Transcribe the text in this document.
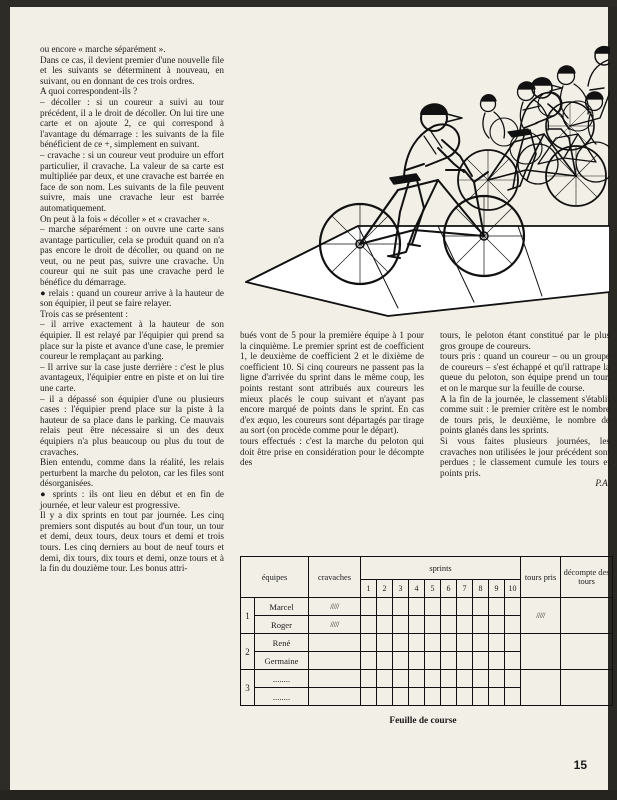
ou encore « marche séparément ».

Dans ce cas, il devient premier d'une nouvelle file et les suivants se déterminent à nouveau, en suivant, ou en donnant de ces trois ordres.

A quoi correspondent-ils ?

– décoller : si un coureur a suivi au tour précédent, il a le droit de décoller. On lui tire une carte et on ajoute 2, ce qui correspond à l'avantage du démarrage : les suivants de la file bénéficient de ce +, simplement en suivant.

– cravache : si un coureur veut produire un effort particulier, il cravache. La valeur de sa carte est multipliée par deux, et une cravache est barrée en face de son nom. Les suivants de la file peuvent suivre, mais une cravache leur est barrée automatiquement.

On peut à la fois « décoller » et « cravacher ».

– marche séparément : on ouvre une carte sans avantage particulier, cela se produit quand on n'a pas encore le droit de décoller, ou quand on ne veut, ou ne peut pas, suivre une cravache. Un coureur qui ne suit pas une cravache perd le bénéfice du démarrage.

● relais : quand un coureur arrive à la hauteur de son équipier, il peut se faire relayer.

Trois cas se présentent :

– il arrive exactement à la hauteur de son équipier. Il est relayé par l'équipier qui prend sa place sur la piste et avance d'une case, le premier coureur le remplaçant au parking.

– Il arrive sur la case juste derrière : c'est le plus avantageux, l'équipier entre en piste et on lui tire une carte.

– il a dépassé son équipier d'une ou plusieurs cases : l'équipier prend place sur la piste à la hauteur de sa place dans le parking. Ce mauvais relais peut être nécessaire si un des deux équipiers n'a plus beaucoup ou plus du tout de cravaches.

Bien entendu, comme dans la réalité, les relais perturbent la marche du peloton, car les files sont désorganisées.

● sprints : ils ont lieu en début et en fin de journée, et leur valeur est progressive.

Il y a dix sprints en tout par journée. Les cinq premiers sont disputés au bout d'un tour, un tour et demi, deux tours, deux tours et demi et trois tours. Les cinq derniers au bout de neuf tours et demi, dix tours, dix tours et demi, onze tours et à la fin du douzième tour. Les bonus attri-

bués vont de 5 pour la première équipe à 1 pour la cinquième. Le premier sprint est de coefficient 1, le deuxième de coefficient 2 et le dixième de coefficient 10. Si cinq coureurs ne passent pas la ligne d'arrivée du sprint dans le même coup, les points restant sont attribués aux coureurs les mieux placés le coup suivant et n'ayant pas encore marqué de points dans le sprint. En cas d'ex æquo, les coureurs sont départagés par tirage au sort (on procède comme pour le départ).

tours effectués : c'est la marche du peloton qui doit être prise en considération pour le décompte des

tours, le peloton étant constitué par le plus gros groupe de coureurs.

tours pris : quand un coureur – ou un groupe de coureurs – s'est échappé et qu'il rattrape la queue du peloton, son équipe prend un tour, et on le marque sur la feuille de course.

A la fin de la journée, le classement s'établit comme suit : le premier critère est le nombre de tours pris, le deuxième, le nombre de points glanés dans les sprints.

Si vous faites plusieurs journées, les cravaches non utilisées le jour précédent sont perdues ; le classement cumule les tours et points pris.

P.A.

équipes		cravaches	sprints										tours pris	décompte des tours
			1	2	3	4	5	6	7	8	9	10		
1	Marcel	/////											/////	
	Roger	/////												
2	René													
	Germaine													
3	........													
	........													
Feuille de course
15
